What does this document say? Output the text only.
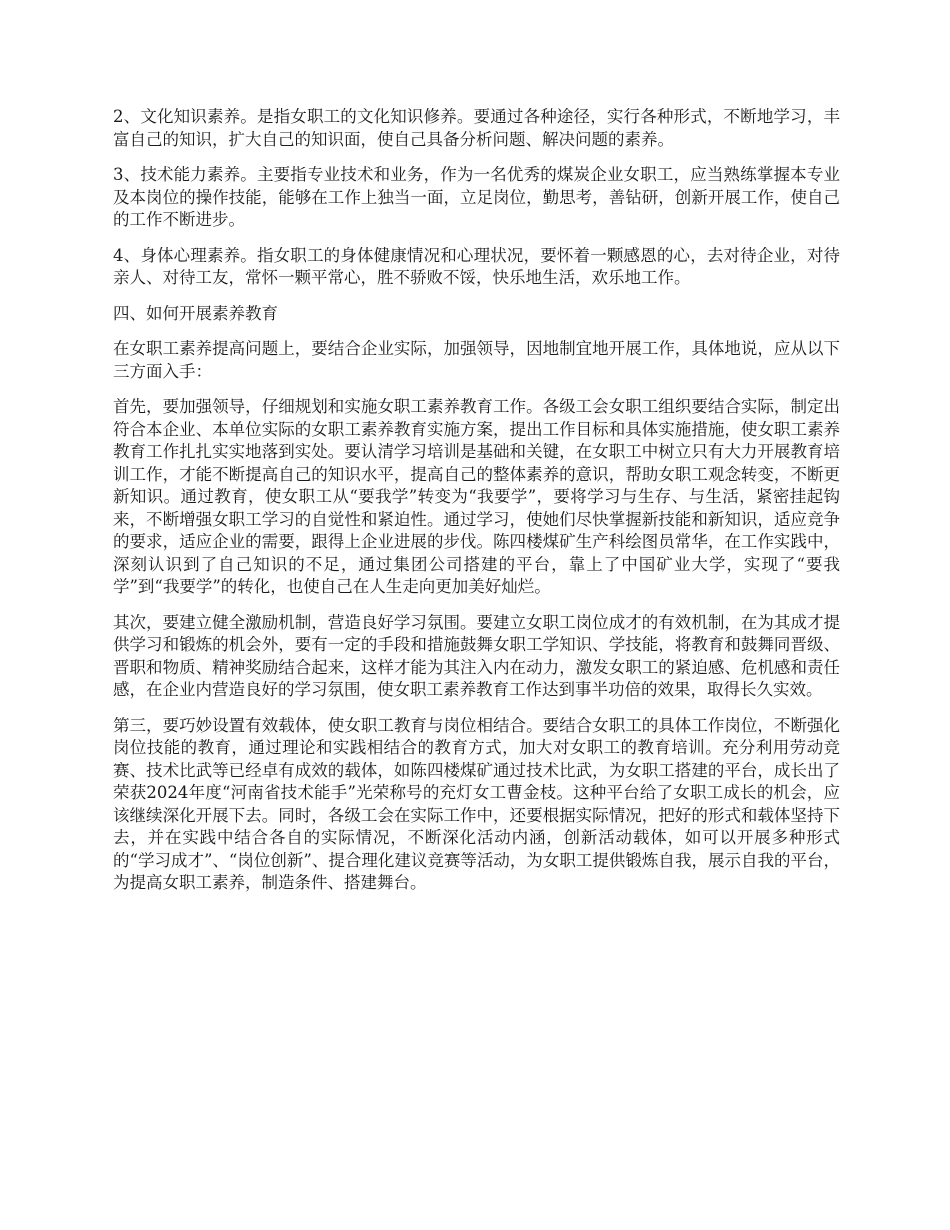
2、文化知识素养。是指女职工的文化知识修养。要通过各种途径，实行各种形式，不断地学习，丰富自己的知识，扩大自己的知识面，使自己具备分析问题、解决问题的素养。

3、技术能力素养。主要指专业技术和业务，作为一名优秀的煤炭企业女职工，应当熟练掌握本专业及本岗位的操作技能，能够在工作上独当一面，立足岗位，勤思考，善钻研，创新开展工作，使自己的工作不断进步。

4、身体心理素养。指女职工的身体健康情况和心理状况，要怀着一颗感恩的心，去对待企业，对待亲人、对待工友，常怀一颗平常心，胜不骄败不馁，快乐地生活，欢乐地工作。

四、如何开展素养教育

在女职工素养提高问题上，要结合企业实际，加强领导，因地制宜地开展工作，具体地说，应从以下三方面入手：

首先，要加强领导，仔细规划和实施女职工素养教育工作。各级工会女职工组织要结合实际，制定出符合本企业、本单位实际的女职工素养教育实施方案，提出工作目标和具体实施措施，使女职工素养教育工作扎扎实实地落到实处。要认清学习培训是基础和关键，在女职工中树立只有大力开展教育培训工作，才能不断提高自己的知识水平，提高自己的整体素养的意识，帮助女职工观念转变，不断更新知识。通过教育，使女职工从“要我学”转变为“我要学”，要将学习与生存、与生活，紧密挂起钩来，不断增强女职工学习的自觉性和紧迫性。通过学习，使她们尽快掌握新技能和新知识，适应竞争的要求，适应企业的需要，跟得上企业进展的步伐。陈四楼煤矿生产科绘图员常华，在工作实践中，深刻认识到了自己知识的不足，通过集团公司搭建的平台，靠上了中国矿业大学，实现了“要我学”到“我要学”的转化，也使自己在人生走向更加美好灿烂。

其次，要建立健全激励机制，营造良好学习氛围。要建立女职工岗位成才的有效机制，在为其成才提供学习和锻炼的机会外，要有一定的手段和措施鼓舞女职工学知识、学技能，将教育和鼓舞同晋级、晋职和物质、精神奖励结合起来，这样才能为其注入内在动力，激发女职工的紧迫感、危机感和责任感，在企业内营造良好的学习氛围，使女职工素养教育工作达到事半功倍的效果，取得长久实效。

第三，要巧妙设置有效载体，使女职工教育与岗位相结合。要结合女职工的具体工作岗位，不断强化岗位技能的教育，通过理论和实践相结合的教育方式，加大对女职工的教育培训。充分利用劳动竞赛、技术比武等已经卓有成效的载体，如陈四楼煤矿通过技术比武，为女职工搭建的平台，成长出了荣获2024年度“河南省技术能手”光荣称号的充灯女工曹金枝。这种平台给了女职工成长的机会，应该继续深化开展下去。同时，各级工会在实际工作中，还要根据实际情况，把好的形式和载体坚持下去，并在实践中结合各自的实际情况，不断深化活动内涵，创新活动载体，如可以开展多种形式的“学习成才”、“岗位创新”、提合理化建议竞赛等活动，为女职工提供锻炼自我，展示自我的平台，为提高女职工素养，制造条件、搭建舞台。
